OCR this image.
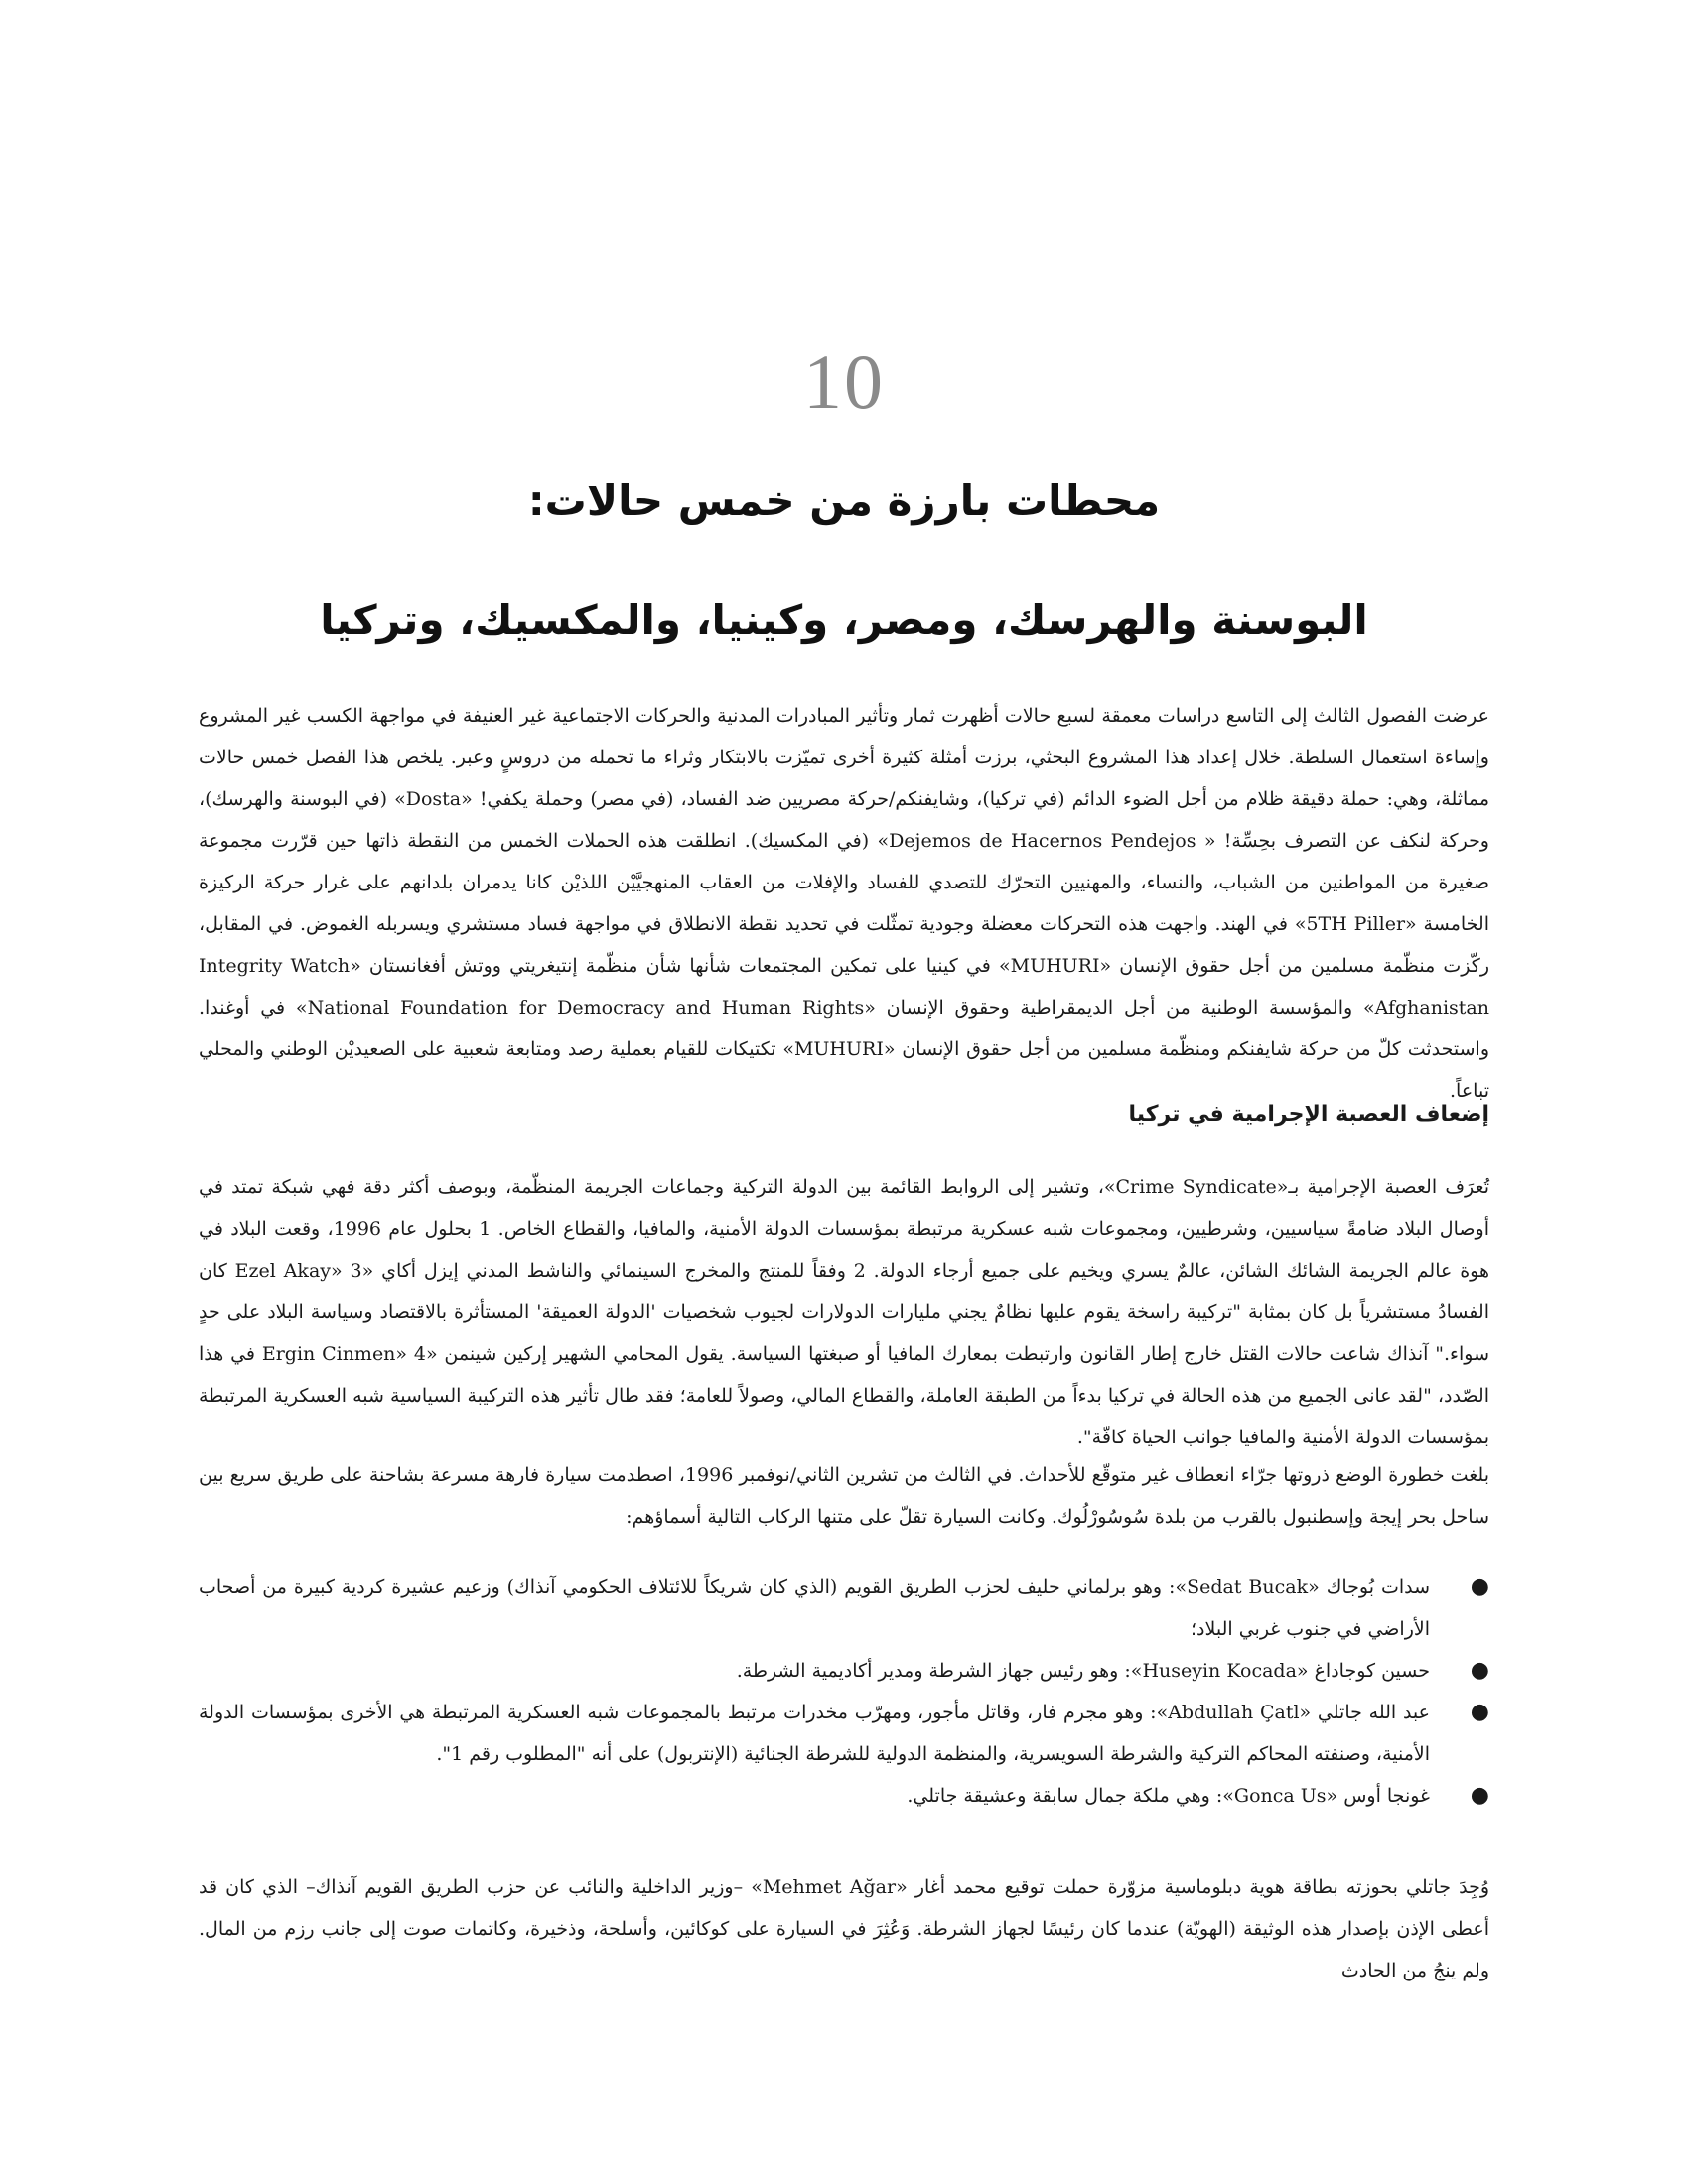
10
محطات بارزة من خمس حالات:
البوسنة والهرسك، ومصر، وكينيا، والمكسيك، وتركيا
عرضت الفصول الثالث إلى التاسع دراسات معمقة لسبع حالات أظهرت ثمار وتأثير المبادرات المدنية والحركات الاجتماعية غير العنيفة في مواجهة الكسب غير المشروع وإساءة استعمال السلطة. خلال إعداد هذا المشروع البحثي، برزت أمثلة كثيرة أخرى تميّزت بالابتكار وثراء ما تحمله من دروسٍ وعبر. يلخص هذا الفصل خمس حالات مماثلة، وهي: حملة دقيقة ظلام من أجل الضوء الدائم (في تركيا)، وشايفنكم/حركة مصريين ضد الفساد، (في مصر) وحملة يكفي! «Dosta» (في البوسنة والهرسك)، وحركة لنكف عن التصرف بحِسِّة! « Dejemos de Hacernos Pendejos» (في المكسيك). انطلقت هذه الحملات الخمس من النقطة ذاتها حين قرّرت مجموعة صغيرة من المواطنين من الشباب، والنساء، والمهنيين التحرّك للتصدي للفساد والإفلات من العقاب المنهجيَّيْن اللذيْن كانا يدمران بلدانهم على غرار حركة الركيزة الخامسة «5TH Piller» في الهند. واجهت هذه التحركات معضلة وجودية تمثّلت في تحديد نقطة الانطلاق في مواجهة فساد مستشري ويسربله الغموض. في المقابل، ركّزت منظّمة مسلمين من أجل حقوق الإنسان «MUHURI» في كينيا على تمكين المجتمعات شأنها شأن منظّمة إنتيغريتي ووتش أفغانستان «Integrity Watch Afghanistan» والمؤسسة الوطنية من أجل الديمقراطية وحقوق الإنسان «National Foundation for Democracy and Human Rights» في أوغندا. واستحدثت كلّ من حركة شايفنكم ومنظّمة مسلمين من أجل حقوق الإنسان «MUHURI» تكتيكات للقيام بعملية رصد ومتابعة شعبية على الصعيديْن الوطني والمحلي تباعاً.
إضعاف العصبة الإجرامية في تركيا
تُعرَف العصبة الإجرامية بـ«Crime Syndicate»، وتشير إلى الروابط القائمة بين الدولة التركية وجماعات الجريمة المنظّمة، وبوصف أكثر دقة فهي شبكة تمتد في أوصال البلاد ضامةً سياسيين، وشرطيين، ومجموعات شبه عسكرية مرتبطة بمؤسسات الدولة الأمنية، والمافيا، والقطاع الخاص. 1 بحلول عام 1996، وقعت البلاد في هوة عالم الجريمة الشائك الشائن، عالمٌ يسري ويخيم على جميع أرجاء الدولة. 2 وفقاً للمنتج والمخرج السينمائي والناشط المدني إيزل أكاي «Ezel Akay» 3 كان الفسادُ مستشرياً بل كان بمثابة "تركيبة راسخة يقوم عليها نظامٌ يجني مليارات الدولارات لجيوب شخصيات 'الدولة العميقة' المستأثرة بالاقتصاد وسياسة البلاد على حدٍ سواء." آنذاك شاعت حالات القتل خارج إطار القانون وارتبطت بمعارك المافيا أو صبغتها السياسة. يقول المحامي الشهير إركين شينمن «Ergin Cinmen» 4 في هذا الصّدد، "لقد عانى الجميع من هذه الحالة في تركيا بدءاً من الطبقة العاملة، والقطاع المالي، وصولاً للعامة؛ فقد طال تأثير هذه التركيبة السياسية شبه العسكرية المرتبطة بمؤسسات الدولة الأمنية والمافيا جوانب الحياة كافّة".
بلغت خطورة الوضع ذروتها جرّاء انعطاف غير متوقّع للأحداث. في الثالث من تشرين الثاني/نوفمبر 1996، اصطدمت سيارة فارهة مسرعة بشاحنة على طريق سريع بين ساحل بحر إيجة وإسطنبول بالقرب من بلدة سُوسُورْلُوك. وكانت السيارة تقلّ على متنها الركاب التالية أسماؤهم:
●
سدات بُوجاك «Sedat Bucak»: وهو برلماني حليف لحزب الطريق القويم (الذي كان شريكاً للائتلاف الحكومي آنذاك) وزعيم عشيرة كردية كبيرة من أصحاب الأراضي في جنوب غربي البلاد؛
●
حسين كوجاداغ «Huseyin Kocada»: وهو رئيس جهاز الشرطة ومدير أكاديمية الشرطة.
●
عبد الله جاتلي «Abdullah Çatl»: وهو مجرم فار، وقاتل مأجور، ومهرّب مخدرات مرتبط بالمجموعات شبه العسكرية المرتبطة هي الأخرى بمؤسسات الدولة الأمنية، وصنفته المحاكم التركية والشرطة السويسرية، والمنظمة الدولية للشرطة الجنائية (الإنتربول) على أنه "المطلوب رقم 1".
●
غونجا أوس «Gonca Us»: وهي ملكة جمال سابقة وعشيقة جاتلي.
وُجِدَ جاتلي بحوزته بطاقة هوية دبلوماسية مزوّرة حملت توقيع محمد أغار «Mehmet Ağar» –وزير الداخلية والنائب عن حزب الطريق القويم آنذاك– الذي كان قد أعطى الإذن بإصدار هذه الوثيقة (الهويّة) عندما كان رئيسًا لجهاز الشرطة. وَعُثِرَ في السيارة على كوكائين، وأسلحة، وذخيرة، وكاتمات صوت إلى جانب رزم من المال. ولم ينجُ من الحادث
